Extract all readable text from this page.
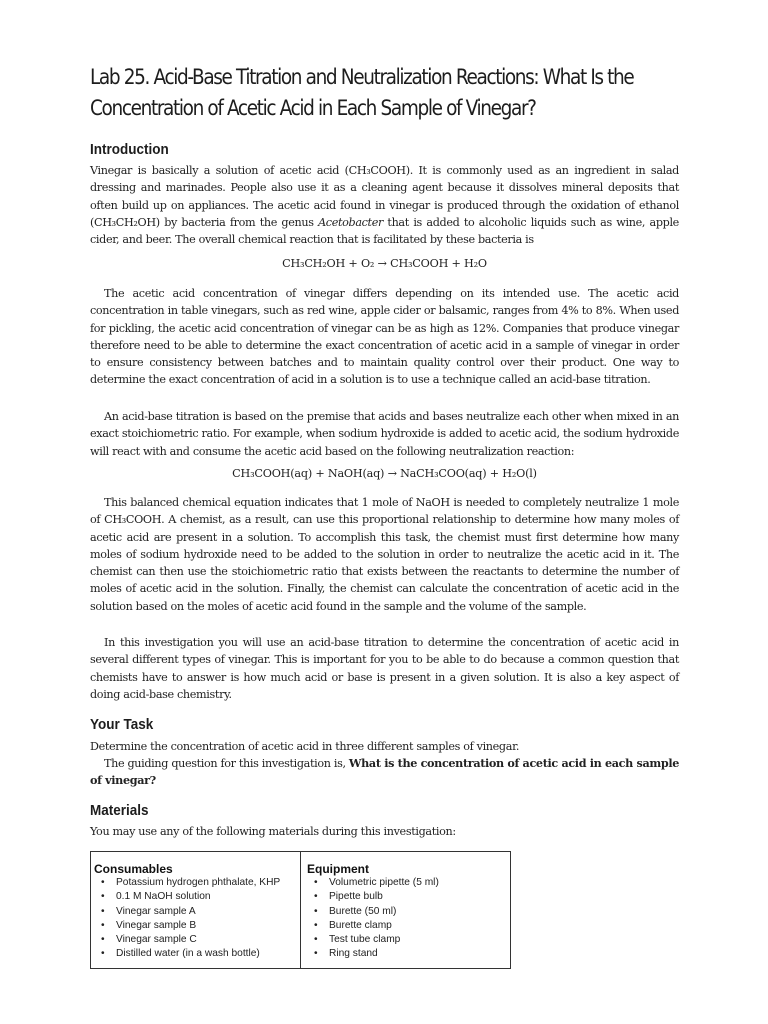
Lab 25. Acid-Base Titration and Neutralization Reactions: What Is the
Concentration of Acetic Acid in Each Sample of Vinegar?
Introduction

Vinegar is basically a solution of acetic acid (CH₃COOH). It is commonly used as an ingredient in salad dressing and marinades. People also use it as a cleaning agent because it dissolves mineral deposits that often build up on appliances. The acetic acid found in vinegar is produced through the oxidation of ethanol (CH₃CH₂OH) by bacteria from the genus Acetobacter that is added to alcoholic liquids such as wine, apple cider, and beer. The overall chemical reaction that is facilitated by these bacteria is

CH₃CH₂OH + O₂ → CH₃COOH + H₂O

The acetic acid concentration of vinegar differs depending on its intended use. The acetic acid concentration in table vinegars, such as red wine, apple cider or balsamic, ranges from 4% to 8%. When used for pickling, the acetic acid concentration of vinegar can be as high as 12%. Companies that produce vinegar therefore need to be able to determine the exact concentration of acetic acid in a sample of vinegar in order to ensure consistency between batches and to maintain quality control over their product. One way to determine the exact concentration of acid in a solution is to use a technique called an acid-base titration.

An acid-base titration is based on the premise that acids and bases neutralize each other when mixed in an exact stoichiometric ratio. For example, when sodium hydroxide is added to acetic acid, the sodium hydroxide will react with and consume the acetic acid based on the following neutralization reaction:

CH₃COOH(aq) + NaOH(aq) → NaCH₃COO(aq) + H₂O(l)

This balanced chemical equation indicates that 1 mole of NaOH is needed to completely neutralize 1 mole of CH₃COOH. A chemist, as a result, can use this proportional relationship to determine how many moles of acetic acid are present in a solution. To accomplish this task, the chemist must first determine how many moles of sodium hydroxide need to be added to the solution in order to neutralize the acetic acid in it. The chemist can then use the stoichiometric ratio that exists between the reactants to determine the number of moles of acetic acid in the solution. Finally, the chemist can calculate the concentration of acetic acid in the solution based on the moles of acetic acid found in the sample and the volume of the sample.

In this investigation you will use an acid-base titration to determine the concentration of acetic acid in several different types of vinegar. This is important for you to be able to do because a common question that chemists have to answer is how much acid or base is present in a given solution. It is also a key aspect of doing acid-base chemistry.

Your Task

Determine the concentration of acetic acid in three different samples of vinegar.

The guiding question for this investigation is, What is the concentration of acetic acid in each sample of vinegar?

Materials

You may use any of the following materials during this investigation:

Consumables
• Potassium hydrogen phthalate, KHP
• 0.1 M NaOH solution
• Vinegar sample A
• Vinegar sample B
• Vinegar sample C
• Distilled water (in a wash bottle)
Equipment
• Volumetric pipette (5 ml)
• Pipette bulb
• Burette (50 ml)
• Burette clamp
• Test tube clamp
• Ring stand
